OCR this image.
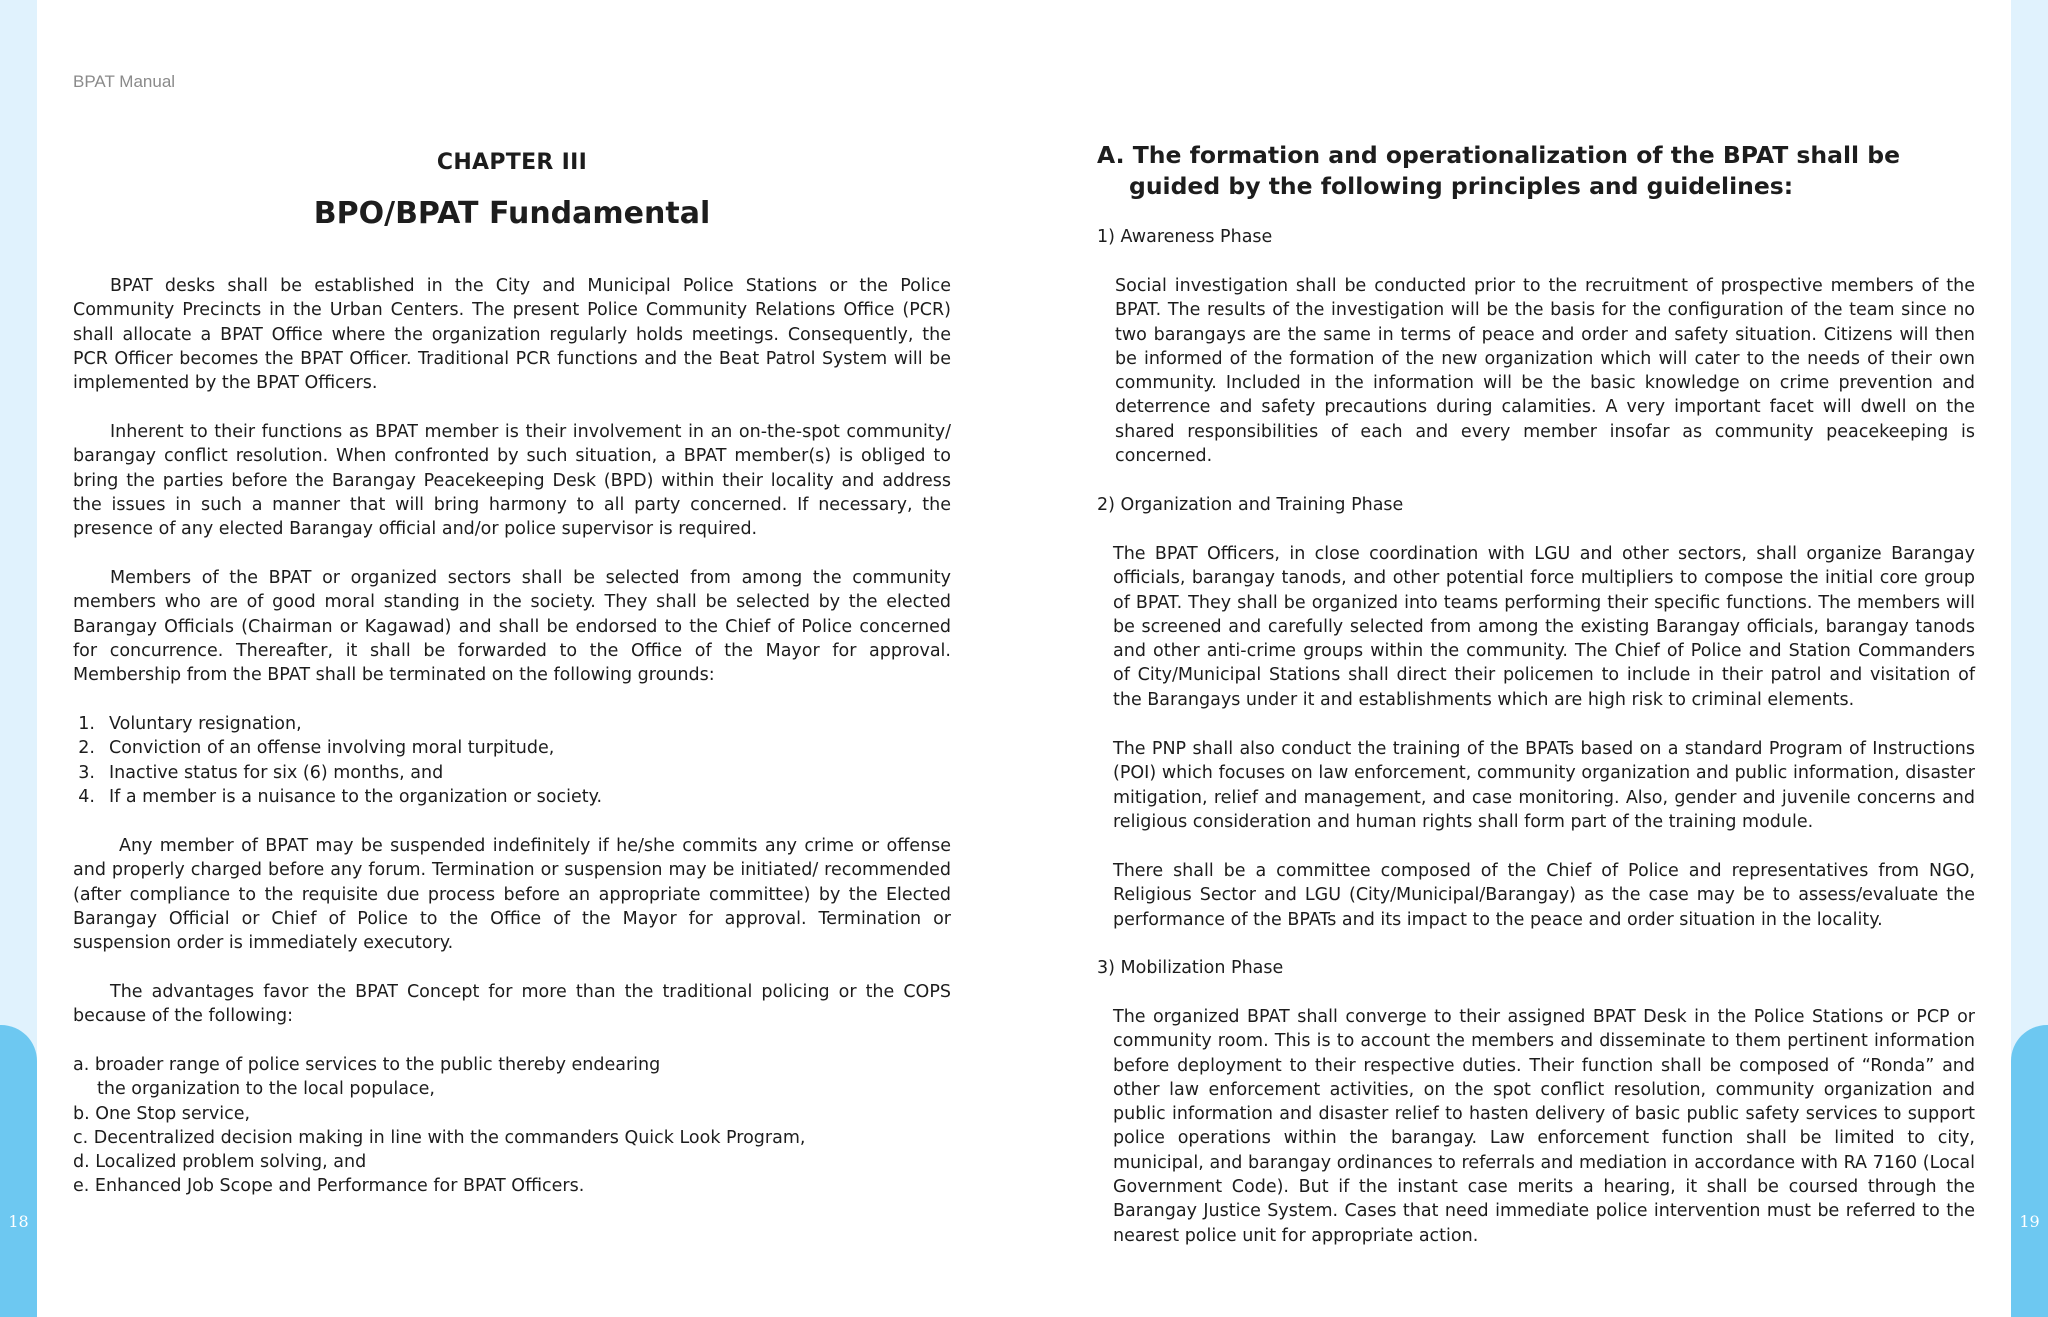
18	19
BPAT Manual
CHAPTER III
BPO/BPAT Fundamental

BPAT desks shall be established in the City and Municipal Police Stations or the Police Community Precincts in the Urban Centers. The present Police Community Relations Office (PCR) shall allocate a BPAT Office where the organization regularly holds meetings. Consequently, the PCR Officer becomes the BPAT Officer. Traditional PCR functions and the Beat Patrol System will be implemented by the BPAT Officers.

Inherent to their functions as BPAT member is their involvement in an on-the-spot community/ barangay conflict resolution. When confronted by such situation, a BPAT member(s) is obliged to bring the parties before the Barangay Peacekeeping Desk (BPD) within their locality and address the issues in such a manner that will bring harmony to all party concerned. If necessary, the presence of any elected Barangay official and/or police supervisor is required.

Members of the BPAT or organized sectors shall be selected from among the community members who are of good moral standing in the society. They shall be selected by the elected Barangay Officials (Chairman or Kagawad) and shall be endorsed to the Chief of Police concerned for concurrence. Thereafter, it shall be forwarded to the Office of the Mayor for approval. Membership from the BPAT shall be terminated on the following grounds:

1. Voluntary resignation,
2. Conviction of an offense involving moral turpitude,
3. Inactive status for six (6) months, and
4. If a member is a nuisance to the organization or society.

Any member of BPAT may be suspended indefinitely if he/she commits any crime or offense and properly charged before any forum. Termination or suspension may be initiated/ recommended (after compliance to the requisite due process before an appropriate committee) by the Elected Barangay Official or Chief of Police to the Office of the Mayor for approval. Termination or suspension order is immediately executory.

The advantages favor the BPAT Concept for more than the traditional policing or the COPS because of the following:

a. broader range of police services to the public thereby endearing
the organization to the local populace,
b. One Stop service,
c. Decentralized decision making in line with the commanders Quick Look Program,
d. Localized problem solving, and
e. Enhanced Job Scope and Performance for BPAT Officers.
A. The formation and operationalization of the BPAT shall be guided by the following principles and guidelines:
1) Awareness Phase

Social investigation shall be conducted prior to the recruitment of prospective members of the BPAT. The results of the investigation will be the basis for the configuration of the team since no two barangays are the same in terms of peace and order and safety situation. Citizens will then be informed of the formation of the new organization which will cater to the needs of their own community. Included in the information will be the basic knowledge on crime prevention and deterrence and safety precautions during calamities. A very important facet will dwell on the shared responsibilities of each and every member insofar as community peacekeeping is concerned.

2) Organization and Training Phase

The BPAT Officers, in close coordination with LGU and other sectors, shall organize Barangay officials, barangay tanods, and other potential force multipliers to compose the initial core group of BPAT. They shall be organized into teams performing their specific functions. The members will be screened and carefully selected from among the existing Barangay officials, barangay tanods and other anti-crime groups within the community. The Chief of Police and Station Commanders of City/Municipal Stations shall direct their policemen to include in their patrol and visitation of the Barangays under it and establishments which are high risk to criminal elements.

The PNP shall also conduct the training of the BPATs based on a standard Program of Instructions (POI) which focuses on law enforcement, community organization and public information, disaster mitigation, relief and management, and case monitoring. Also, gender and juvenile concerns and religious consideration and human rights shall form part of the training module.

There shall be a committee composed of the Chief of Police and representatives from NGO, Religious Sector and LGU (City/Municipal/Barangay) as the case may be to assess/evaluate the performance of the BPATs and its impact to the peace and order situation in the locality.

3) Mobilization Phase

The organized BPAT shall converge to their assigned BPAT Desk in the Police Stations or PCP or community room. This is to account the members and disseminate to them pertinent information before deployment to their respective duties. Their function shall be composed of “Ronda” and other law enforcement activities, on the spot conflict resolution, community organization and public information and disaster relief to hasten delivery of basic public safety services to support police operations within the barangay. Law enforcement function shall be limited to city, municipal, and barangay ordinances to referrals and mediation in accordance with RA 7160 (Local Government Code). But if the instant case merits a hearing, it shall be coursed through the Barangay Justice System. Cases that need immediate police intervention must be referred to the nearest police unit for appropriate action.
